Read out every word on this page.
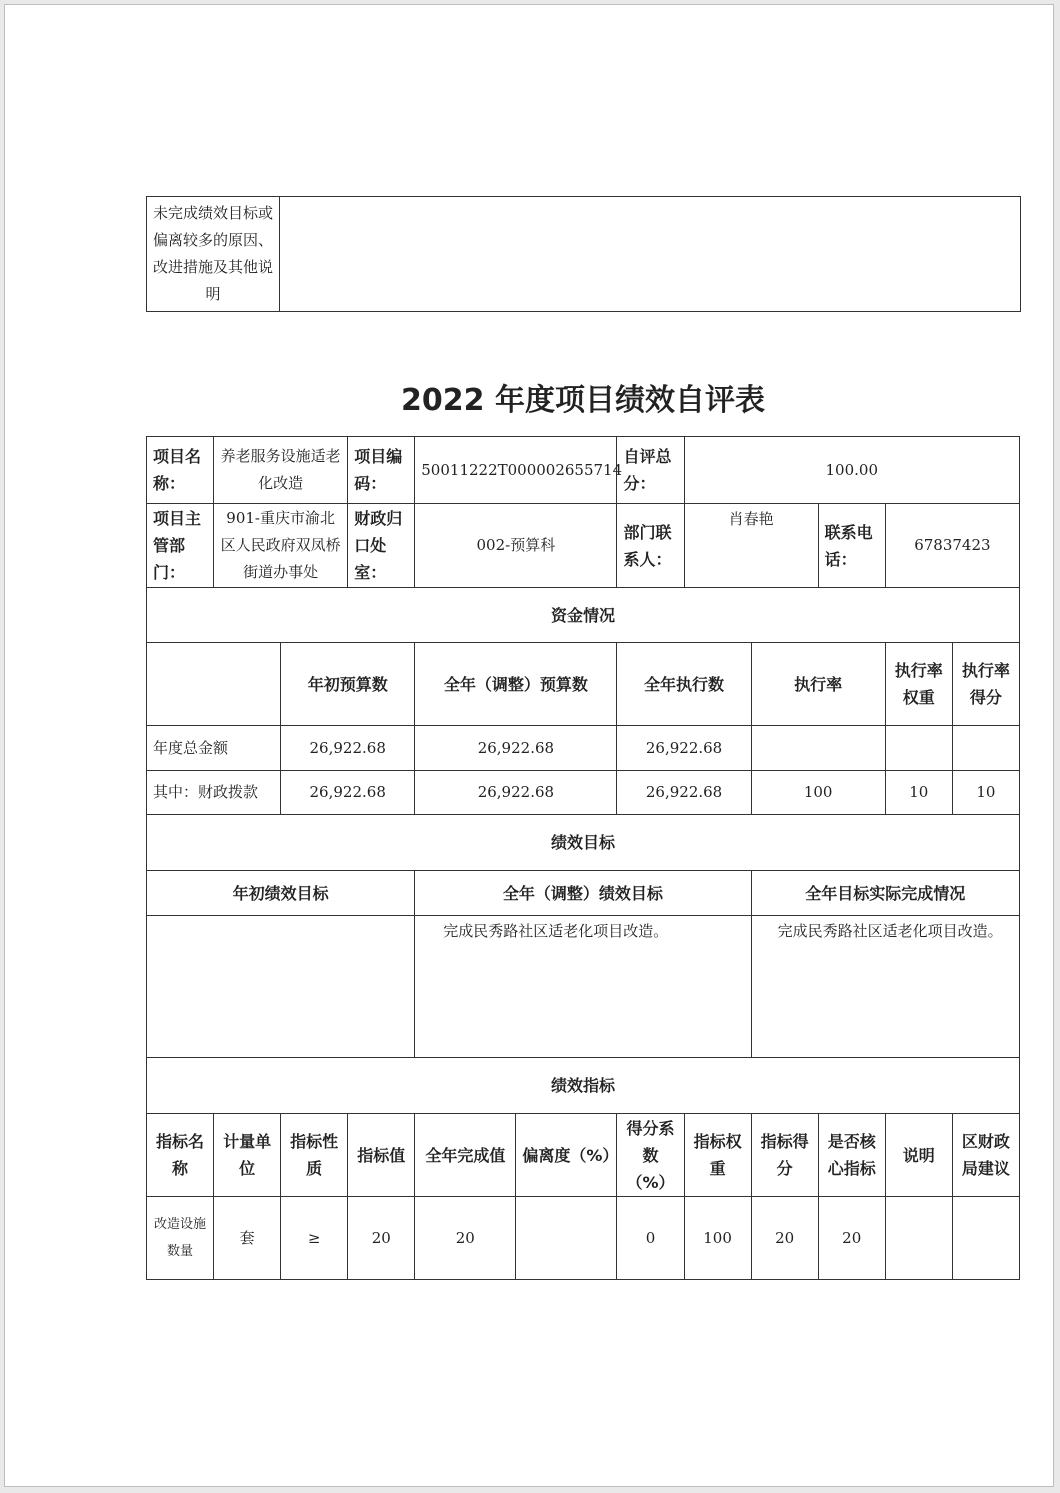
未完成绩效目标或偏离较多的原因、改进措施及其他说明	
2022 年度项目绩效自评表
项目名称：	养老服务设施适老化改造		项目编码：	50011222T000002655714		自评总分：	100.00				
项目主管部门：	901-重庆市渝北区人民政府双凤桥街道办事处		财政归口处室：	002-预算科		部门联系人：	肖春艳		联系电话：	67837423	
资金情况											
		年初预算数		全年（调整）预算数		全年执行数		执行率		执行率权重	执行率得分
年度总金额		26,922.68		26,922.68		26,922.68					
其中：财政拨款		26,922.68		26,922.68		26,922.68		100		10	10
绩效目标											
年初绩效目标				全年（调整）绩效目标				全年目标实际完成情况			
				完成民秀路社区适老化项目改造。				完成民秀路社区适老化项目改造。			
绩效指标											
指标名称	计量单位	指标性质	指标值	全年完成值	偏离度（%）	得分系数（%）	指标权重	指标得分	是否核心指标	说明	区财政局建议
改造设施数量	套	≥	20	20		0	100	20	20		
